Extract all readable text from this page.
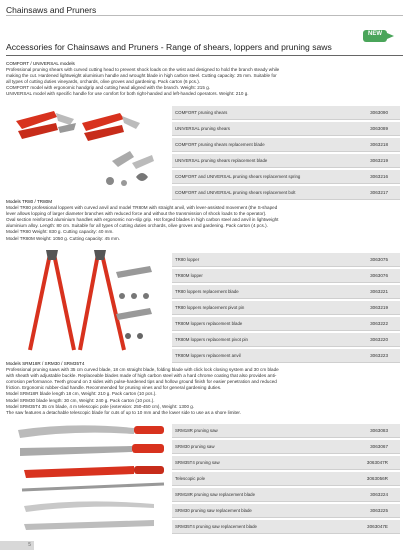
Chainsaws and Pruners
Accessories for Chainsaws and Pruners - Range of shears, loppers and pruning saws
NEW

COMFORT / UNIVERSAL models

Professional pruning shears with curved cutting head to prevent shock loads on the wrist and designed to hold the branch steady while

making the cut. Hardened lightweight aluminium handle and wrought blade in high carbon steel. Cutting capacity: 25 mm. Suitable for

all types of cutting duties vineyards, orchards, olive groves and gardening. Pack carton (6 pcs.).

COMFORT model with ergonomic handgrip and cutting head aligned with the branch. Weight: 215 g.

UNIVERSAL model with specific handle for use comfort for both right-handed and left-handed operators. Weight: 210 g.

COMFORT pruning shears	3063090
UNIVERSAL pruning shears	3063089
COMFORT pruning shears replacement blade	3063218
UNIVERSAL pruning shears replacement blade	3063219
COMFORT and UNIVERSAL pruning shears replacement spring	3063216
COMFORT and UNIVERSAL pruning shears replacement bolt	3063217

Models TR80 / TR80M

Model TR80 professional loppers with curved anvil and model TR80M with straight anvil, with lever-assisted movement (the S-shaped

lever allows lopping of larger diameter branches with reduced force and without the transmission of shock loads to the operator).

Oval section reinforced aluminium handles with ergonomic non-slip grip. Hot forged blades in high carbon steel and anvil in lightweight

aluminium alloy. Length: 80 cm. Suitable for all types of cutting duties orchards, olive groves and gardening. Pack carton (4 pcs.).

Model TR80 Weight: 830 g. Cutting capacity: 40 mm.

Model TR80M Weight: 1050 g. Cutting capacity: 45 mm.

TR80 lopper	3063075
TR80M lopper	3063076
TR80 loppers replacement blade	3063221
TR80 loppers replacement pivot pin	3063219
TR80M loppers replacement blade	3063222
TR80M loppers replacement pivot pin	3063220
TR80M loppers replacement anvil	3063223

Models SRM18R / SRM30 / SRM35T4

Professional pruning saws with 35 cm curved blade, 18 cm straight blade, folding blade with click lock closing system and 30 cm blade

with sheath with adjustable buckle. Replaceable blades made of high carbon steel with a hard chrome coating that also provides anti-

corrosion performance. Teeth ground on 3 sides with pulse-hardened tips and hollow ground finish for easier penetration and reduced

friction. Ergonomic rubber-clad handle. Recommended for pruning vines and for general gardening duties.

Model SRM18R blade length 18 cm, Weight: 210 g. Pack carton (10 pcs.).

Model SRM30 blade length: 30 cm, Weight: 240 g. Pack carton (10 pcs.).

Model SRM35T4 35 cm blade, 4 m telescopic pole (extension: 250-450 cm), Weight: 1300 g.

The saw features a detachable telescopic blade for cuts of up to 10 mm and the lower side to use as a shore limiter.

SRM18R pruning saw	3063083
SRM30 pruning saw	3063067
SRM35T4 pruning saw	3063047R
Telescopic pole	3063056R
SRM18R pruning saw replacement blade	3063224
SRM30 pruning saw replacement blade	3063225
SRM35T4 pruning saw replacement blade	3063047E
5
